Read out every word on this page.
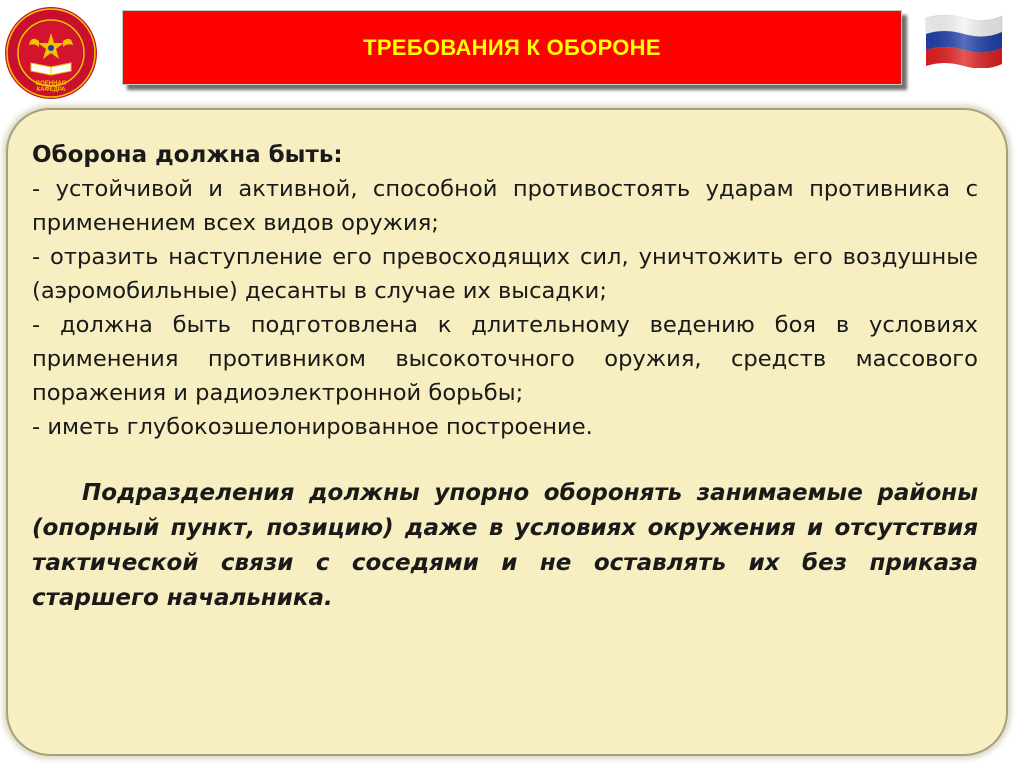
ВОЕННАЯ
КАФЕДРА
ТРЕБОВАНИЯ К ОБОРОНЕ
Оборона должна быть:

- устойчивой и активной, способной противостоять ударам противника с применением всех видов оружия;

- отразить наступление его превосходящих сил, уничтожить его воздушные (аэромобильные) десанты в случае их высадки;

- должна быть подготовлена к длительному ведению боя в условиях применения противником высокоточного оружия, средств массового поражения и радиоэлектронной борьбы;

- иметь глубокоэшелонированное построение.

Подразделения должны упорно оборонять занимаемые районы (опорный пункт, позицию) даже в условиях окружения и отсутствия тактической связи с соседями и не оставлять их без приказа старшего начальника.
